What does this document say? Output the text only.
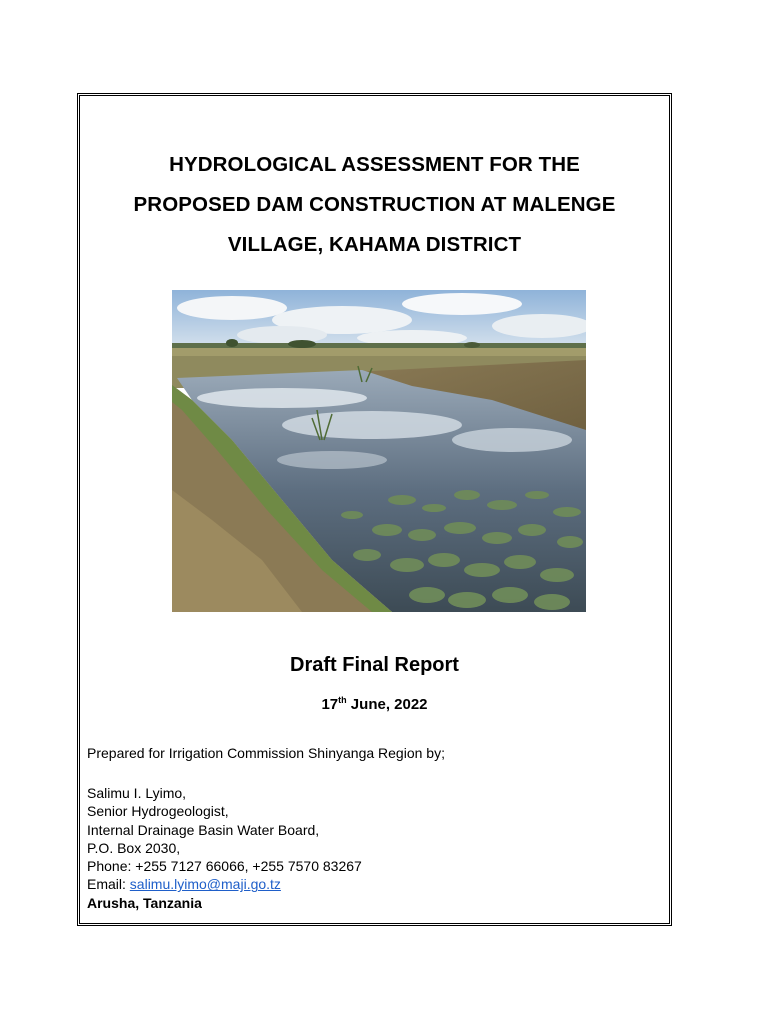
HYDROLOGICAL ASSESSMENT FOR THE
PROPOSED DAM CONSTRUCTION AT MALENGE
VILLAGE, KAHAMA DISTRICT
Draft Final Report
17th June, 2022
Prepared for Irrigation Commission Shinyanga Region by;
Salimu I. Lyimo,
Senior Hydrogeologist,
Internal Drainage Basin Water Board,
P.O. Box 2030,
Phone: +255 7127 66066, +255 7570 83267
Email: salimu.lyimo@maji.go.tz
Arusha, Tanzania
